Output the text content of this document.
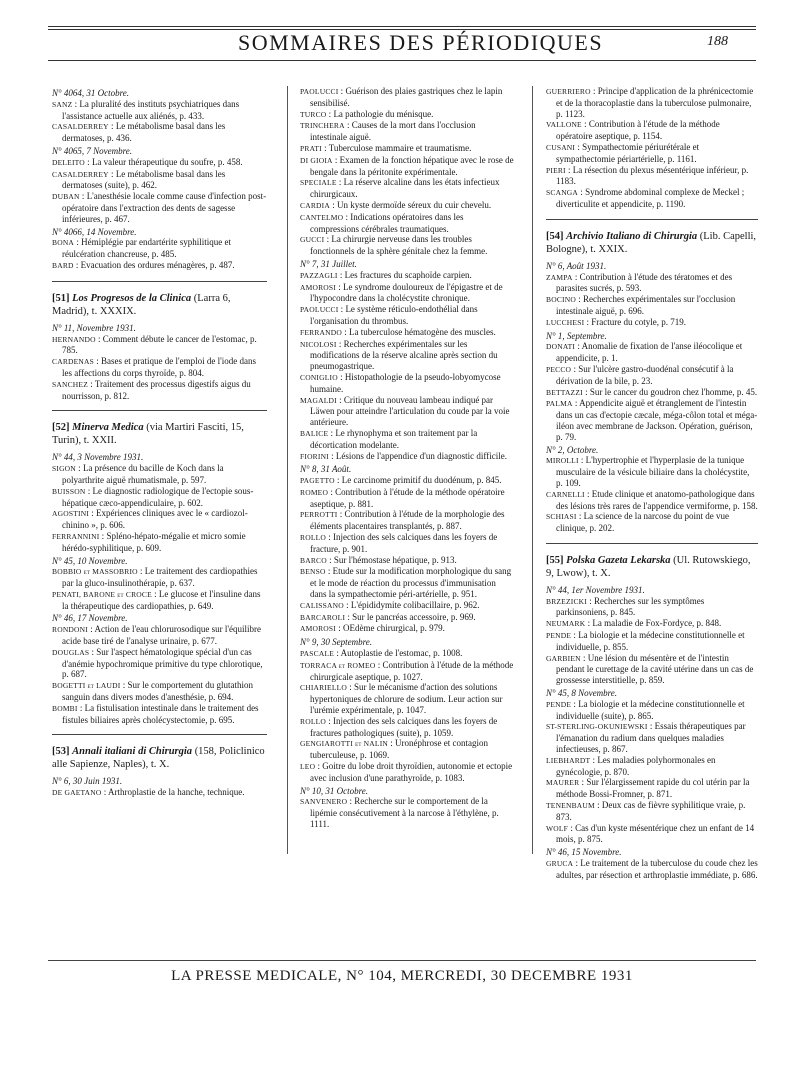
SOMMAIRES DES PÉRIODIQUES	188
N° 4064, 31 Octobre.

SANZ : La pluralité des instituts psychiatriques dans l'assistance actuelle aux aliénés, p. 433.

CASALDERREY : Le métabolisme basal dans les dermatoses, p. 436.

N° 4065, 7 Novembre.

DELEITO : La valeur thérapeutique du soufre, p. 458.

CASALDERREY : Le métabolisme basal dans les dermatoses (suite), p. 462.

DUBAN : L'anesthésie locale comme cause d'infection post-opératoire dans l'extraction des dents de sagesse inférieures, p. 467.

N° 4066, 14 Novembre.

BONA : Hémiplégie par endartérite syphilitique et réulcération chancreuse, p. 485.

BARD : Evacuation des ordures ménagères, p. 487.

[51] Los Progresos de la Clinica (Larra 6, Madrid), t. XXXIX.
N° 11, Novembre 1931.

HERNANDO : Comment débute le cancer de l'estomac, p. 785.

CARDENAS : Bases et pratique de l'emploi de l'iode dans les affections du corps thyroïde, p. 804.

SANCHEZ : Traitement des processus digestifs aigus du nourrisson, p. 812.

[52] Minerva Medica (via Martiri Fasciti, 15, Turin), t. XXII.
N° 44, 3 Novembre 1931.

SIGON : La présence du bacille de Koch dans la polyarthrite aiguë rhumatismale, p. 597.

BUISSON : Le diagnostic radiologique de l'ectopie sous-hépatique cæco-appendiculaire, p. 602.

AGOSTINI : Expériences cliniques avec le « cardiozol-chinino », p. 606.

FERRANNINI : Spléno-hépato-mégalie et micro somie hérédo-syphilitique, p. 609.

N° 45, 10 Novembre.

BOBBIO et MASSOBRIO : Le traitement des cardiopathies par la gluco-insulinothérapie, p. 637.

PENATI, BARONE et CROCE : Le glucose et l'insuline dans la thérapeutique des cardiopathies, p. 649.

N° 46, 17 Novembre.

RONDONI : Action de l'eau chlorurosodique sur l'équilibre acide base tiré de l'analyse urinaire, p. 677.

DOUGLAS : Sur l'aspect hématologique spécial d'un cas d'anémie hypochromique primitive du type chlorotique, p. 687.

BOGETTI et LAUDI : Sur le comportement du glutathion sanguin dans divers modes d'anesthésie, p. 694.

BOMBI : La fistulisation intestinale dans le traitement des fistules biliaires après cholécystectomie, p. 695.

[53] Annali italiani di Chirurgia (158, Policlinico alle Sapienze, Naples), t. X.
N° 6, 30 Juin 1931.

DE GAETANO : Arthroplastie de la hanche, technique.

PAOLUCCI : Guérison des plaies gastriques chez le lapin sensibilisé.

TURCO : La pathologie du ménisque.

TRINCHERA : Causes de la mort dans l'occlusion intestinale aiguë.

PRATI : Tuberculose mammaire et traumatisme.

DI GIOIA : Examen de la fonction hépatique avec le rose de bengale dans la péritonite expérimentale.

SPECIALE : La réserve alcaline dans les états infectieux chirurgicaux.

CARDIA : Un kyste dermoïde séreux du cuir chevelu.

CANTELMO : Indications opératoires dans les compressions cérébrales traumatiques.

GUCCI : La chirurgie nerveuse dans les troubles fonctionnels de la sphère génitale chez la femme.

N° 7, 31 Juillet.

PAZZAGLI : Les fractures du scaphoïde carpien.

AMOROSI : Le syndrome douloureux de l'épigastre et de l'hypocondre dans la cholécystite chronique.

PAOLUCCI : Le système réticulo-endothélial dans l'organisation du thrombus.

FERRANDO : La tuberculose hématogène des muscles.

NICOLOSI : Recherches expérimentales sur les modifications de la réserve alcaline après section du pneumogastrique.

CONIGLIO : Histopathologie de la pseudo-lobyomycose humaine.

MAGALDI : Critique du nouveau lambeau indiqué par Läwen pour atteindre l'articulation du coude par la voie antérieure.

BALICE : Le rhynophyma et son traitement par la décortication modelante.

FIORINI : Lésions de l'appendice d'un diagnostic difficile.

N° 8, 31 Août.

PAGETTO : Le carcinome primitif du duodénum, p. 845.

ROMEO : Contribution à l'étude de la méthode opératoire aseptique, p. 881.

PERROTTI : Contribution à l'étude de la morphologie des éléments placentaires transplantés, p. 887.

ROLLO : Injection des sels calciques dans les foyers de fracture, p. 901.

BARCO : Sur l'hémostase hépatique, p. 913.

BENSO : Etude sur la modification morphologique du sang et le mode de réaction du processus d'immunisation dans la sympathectomie péri-artérielle, p. 951.

CALISSANO : L'épididymite colibacillaire, p. 962.

BARCAROLI : Sur le pancréas accessoire, p. 969.

AMOROSI : OEdème chirurgical, p. 979.

N° 9, 30 Septembre.

PASCALE : Autoplastie de l'estomac, p. 1008.

TORRACA et ROMEO : Contribution à l'étude de la méthode chirurgicale aseptique, p. 1027.

CHIARIELLO : Sur le mécanisme d'action des solutions hypertoniques de chlorure de sodium. Leur action sur l'urémie expérimentale, p. 1047.

ROLLO : Injection des sels calciques dans les foyers de fractures pathologiques (suite), p. 1059.

GENGIAROTTI et NALIN : Uronéphrose et contagion tuberculeuse, p. 1069.

LEO : Goitre du lobe droit thyroïdien, autonomie et ectopie avec inclusion d'une parathyroïde, p. 1083.

N° 10, 31 Octobre.

SANVENERO : Recherche sur le comportement de la lipémie consécutivement à la narcose à l'éthylène, p. 1111.

GUERRIERO : Principe d'application de la phrénicectomie et de la thoracoplastie dans la tuberculose pulmonaire, p. 1123.

VALLONE : Contribution à l'étude de la méthode opératoire aseptique, p. 1154.

CUSANI : Sympathectomie périurétérale et sympathectomie périartérielle, p. 1161.

PIERI : La résection du plexus mésentérique inférieur, p. 1183.

SCANGA : Syndrome abdominal complexe de Meckel ; diverticulite et appendicite, p. 1190.

[54] Archivio Italiano di Chirurgia (Lib. Capelli, Bologne), t. XXIX.
N° 6, Août 1931.

ZAMPA : Contribution à l'étude des tératomes et des parasites sucrés, p. 593.

BOCINO : Recherches expérimentales sur l'occlusion intestinale aiguë, p. 696.

LUCCHESI : Fracture du cotyle, p. 719.

N° 1, Septembre.

DONATI : Anomalie de fixation de l'anse iléocolique et appendicite, p. 1.

PECCO : Sur l'ulcère gastro-duodénal consécutif à la dérivation de la bile, p. 23.

BETTAZZI : Sur le cancer du goudron chez l'homme, p. 45.

PALMA : Appendicite aiguë et étranglement de l'intestin dans un cas d'ectopie cæcale, méga-côlon total et méga-iléon avec membrane de Jackson. Opération, guérison, p. 79.

N° 2, Octobre.

MIROLLI : L'hypertrophie et l'hyperplasie de la tunique musculaire de la vésicule biliaire dans la cholécystite, p. 109.

CARNELLI : Etude clinique et anatomo-pathologique dans des lésions très rares de l'appendice vermiforme, p. 158.

SCHIASI : La science de la narcose du point de vue clinique, p. 202.

[55] Polska Gazeta Lekarska (Ul. Rutowskiego, 9, Lwow), t. X.
N° 44, 1er Novembre 1931.

BRZEZICKI : Recherches sur les symptômes parkinsoniens, p. 845.

NEUMARK : La maladie de Fox-Fordyce, p. 848.

PENDE : La biologie et la médecine constitutionnelle et individuelle, p. 855.

GARBIEN : Une lésion du mésentère et de l'intestin pendant le curettage de la cavité utérine dans un cas de grossesse interstitielle, p. 859.

N° 45, 8 Novembre.

PENDE : La biologie et la médecine constitutionnelle et individuelle (suite), p. 865.

ST-STERLING-OKUNIEWSKI : Essais thérapeutiques par l'émanation du radium dans quelques maladies infectieuses, p. 867.

LIEBHARDT : Les maladies polyhormonales en gynécologie, p. 870.

MAURER : Sur l'élargissement rapide du col utérin par la méthode Bossi-Fromner, p. 871.

TENENBAUM : Deux cas de fièvre syphilitique vraie, p. 873.

WOLF : Cas d'un kyste mésentérique chez un enfant de 14 mois, p. 875.

N° 46, 15 Novembre.

GRUCA : Le traitement de la tuberculose du coude chez les adultes, par résection et arthroplastie immédiate, p. 686.

LA PRESSE MEDICALE, N° 104, MERCREDI, 30 DECEMBRE 1931
